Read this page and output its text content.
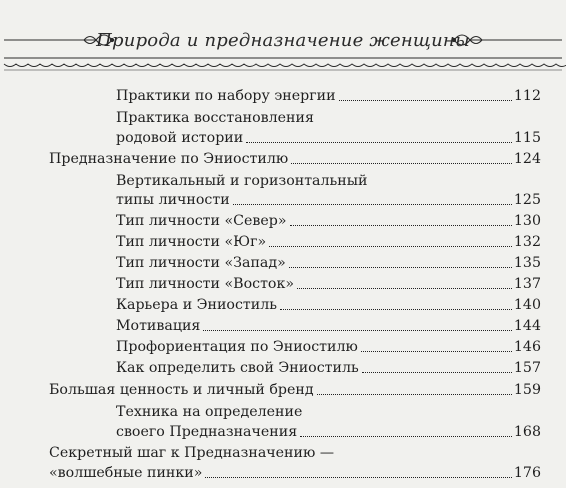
Природа и предназначение женщины
Практики по набору энергии	112
Практика восстановления
родовой истории	115
Предназначение по Эниостилю	124
Вертикальный и горизонтальный
типы личности	125
Тип личности «Север»	130
Тип личности «Юг»	132
Тип личности «Запад»	135
Тип личности «Восток»	137
Карьера и Эниостиль	140
Мотивация	144
Профориентация по Эниостилю	146
Как определить свой Эниостиль	157
Большая ценность и личный бренд	159
Техника на определение
своего Предназначения	168
Секретный шаг к Предназначению —
«волшебные пинки»	176
